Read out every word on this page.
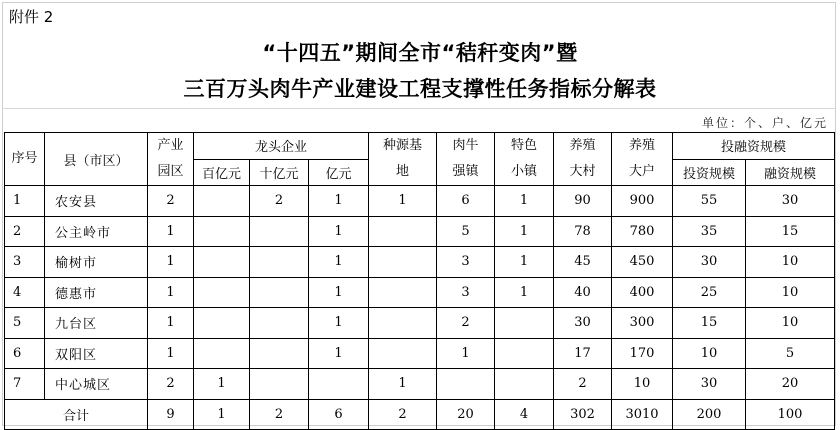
附件 2
“十四五”期间全市“秸秆变肉”暨
三百万头肉牛产业建设工程支撑性任务指标分解表
单位：个、户、亿元
序号	县（市区）	产业园区	龙头企业			种源基地	肉牛强镇	特色小镇	养殖大村	养殖大户	投融资规模	
			百亿元	十亿元	亿元						投资规模	融资规模
1	农安县	2		2	1	1	6	1	90	900	55	30
2	公主岭市	1			1		5	1	78	780	35	15
3	榆树市	1			1		3	1	45	450	30	10
4	德惠市	1			1		3	1	40	400	25	10
5	九台区	1			1		2		30	300	15	10
6	双阳区	1			1		1		17	170	10	5
7	中心城区	2	1			1			2	10	30	20
合计		9	1	2	6	2	20	4	302	3010	200	100
